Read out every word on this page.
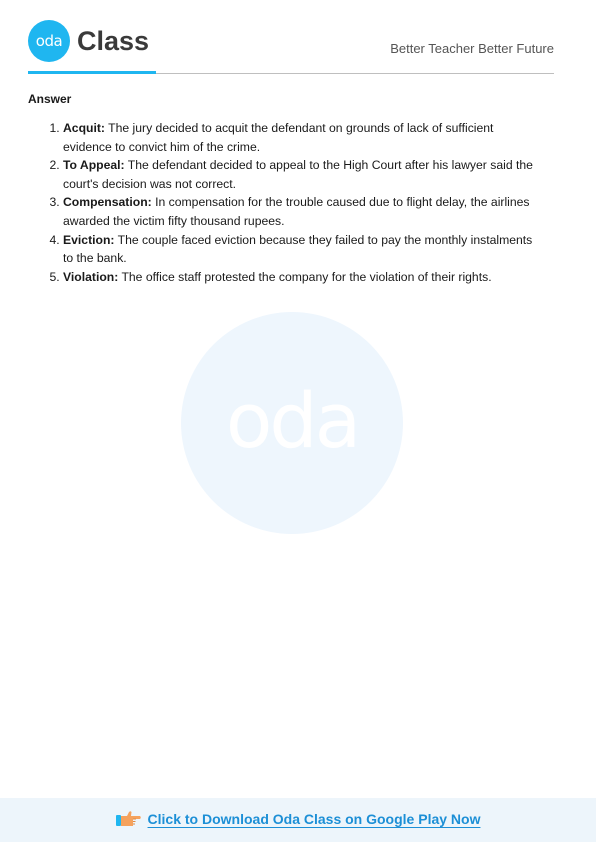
oda Class	Better Teacher Better Future
oda
Answer
1. Acquit: The jury decided to acquit the defendant on grounds of lack of sufficient evidence to convict him of the crime.
2. To Appeal: The defendant decided to appeal to the High Court after his lawyer said the court's decision was not correct.
3. Compensation: In compensation for the trouble caused due to flight delay, the airlines awarded the victim fifty thousand rupees.
4. Eviction: The couple faced eviction because they failed to pay the monthly instalments to the bank.
5. Violation: The office staff protested the company for the violation of their rights.
Click to Download Oda Class on Google Play Now
